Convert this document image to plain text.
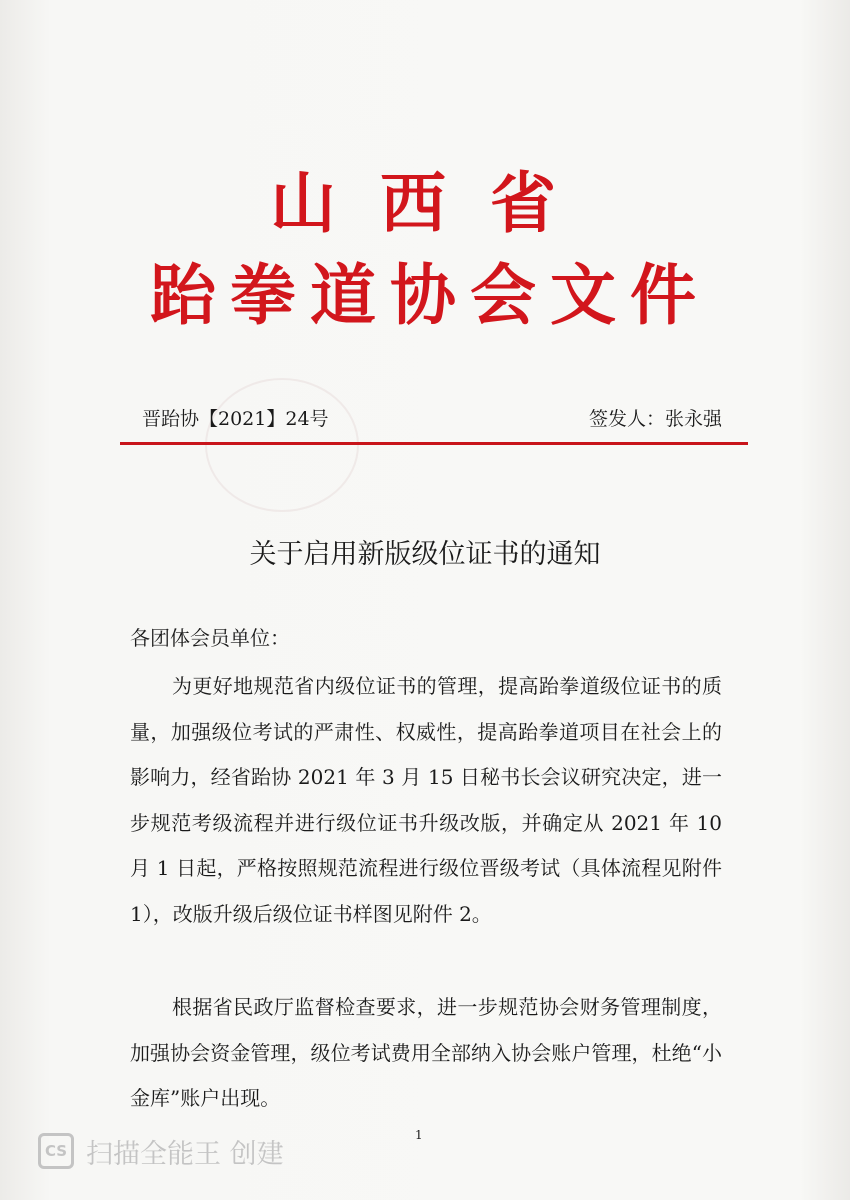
山西省
跆拳道协会文件
晋跆协【2021】24号	签发人：张永强
关于启用新版级位证书的通知
各团体会员单位：
为更好地规范省内级位证书的管理，提高跆拳道级位证书的质量，加强级位考试的严肃性、权威性，提高跆拳道项目在社会上的影响力，经省跆协 2021 年 3 月 15 日秘书长会议研究决定，进一步规范考级流程并进行级位证书升级改版，并确定从 2021 年 10 月 1 日起，严格按照规范流程进行级位晋级考试（具体流程见附件 1），改版升级后级位证书样图见附件 2。
根据省民政厅监督检查要求，进一步规范协会财务管理制度，加强协会资金管理，级位考试费用全部纳入协会账户管理，杜绝“小金库”账户出现。
1
CS 扫描全能王 创建
